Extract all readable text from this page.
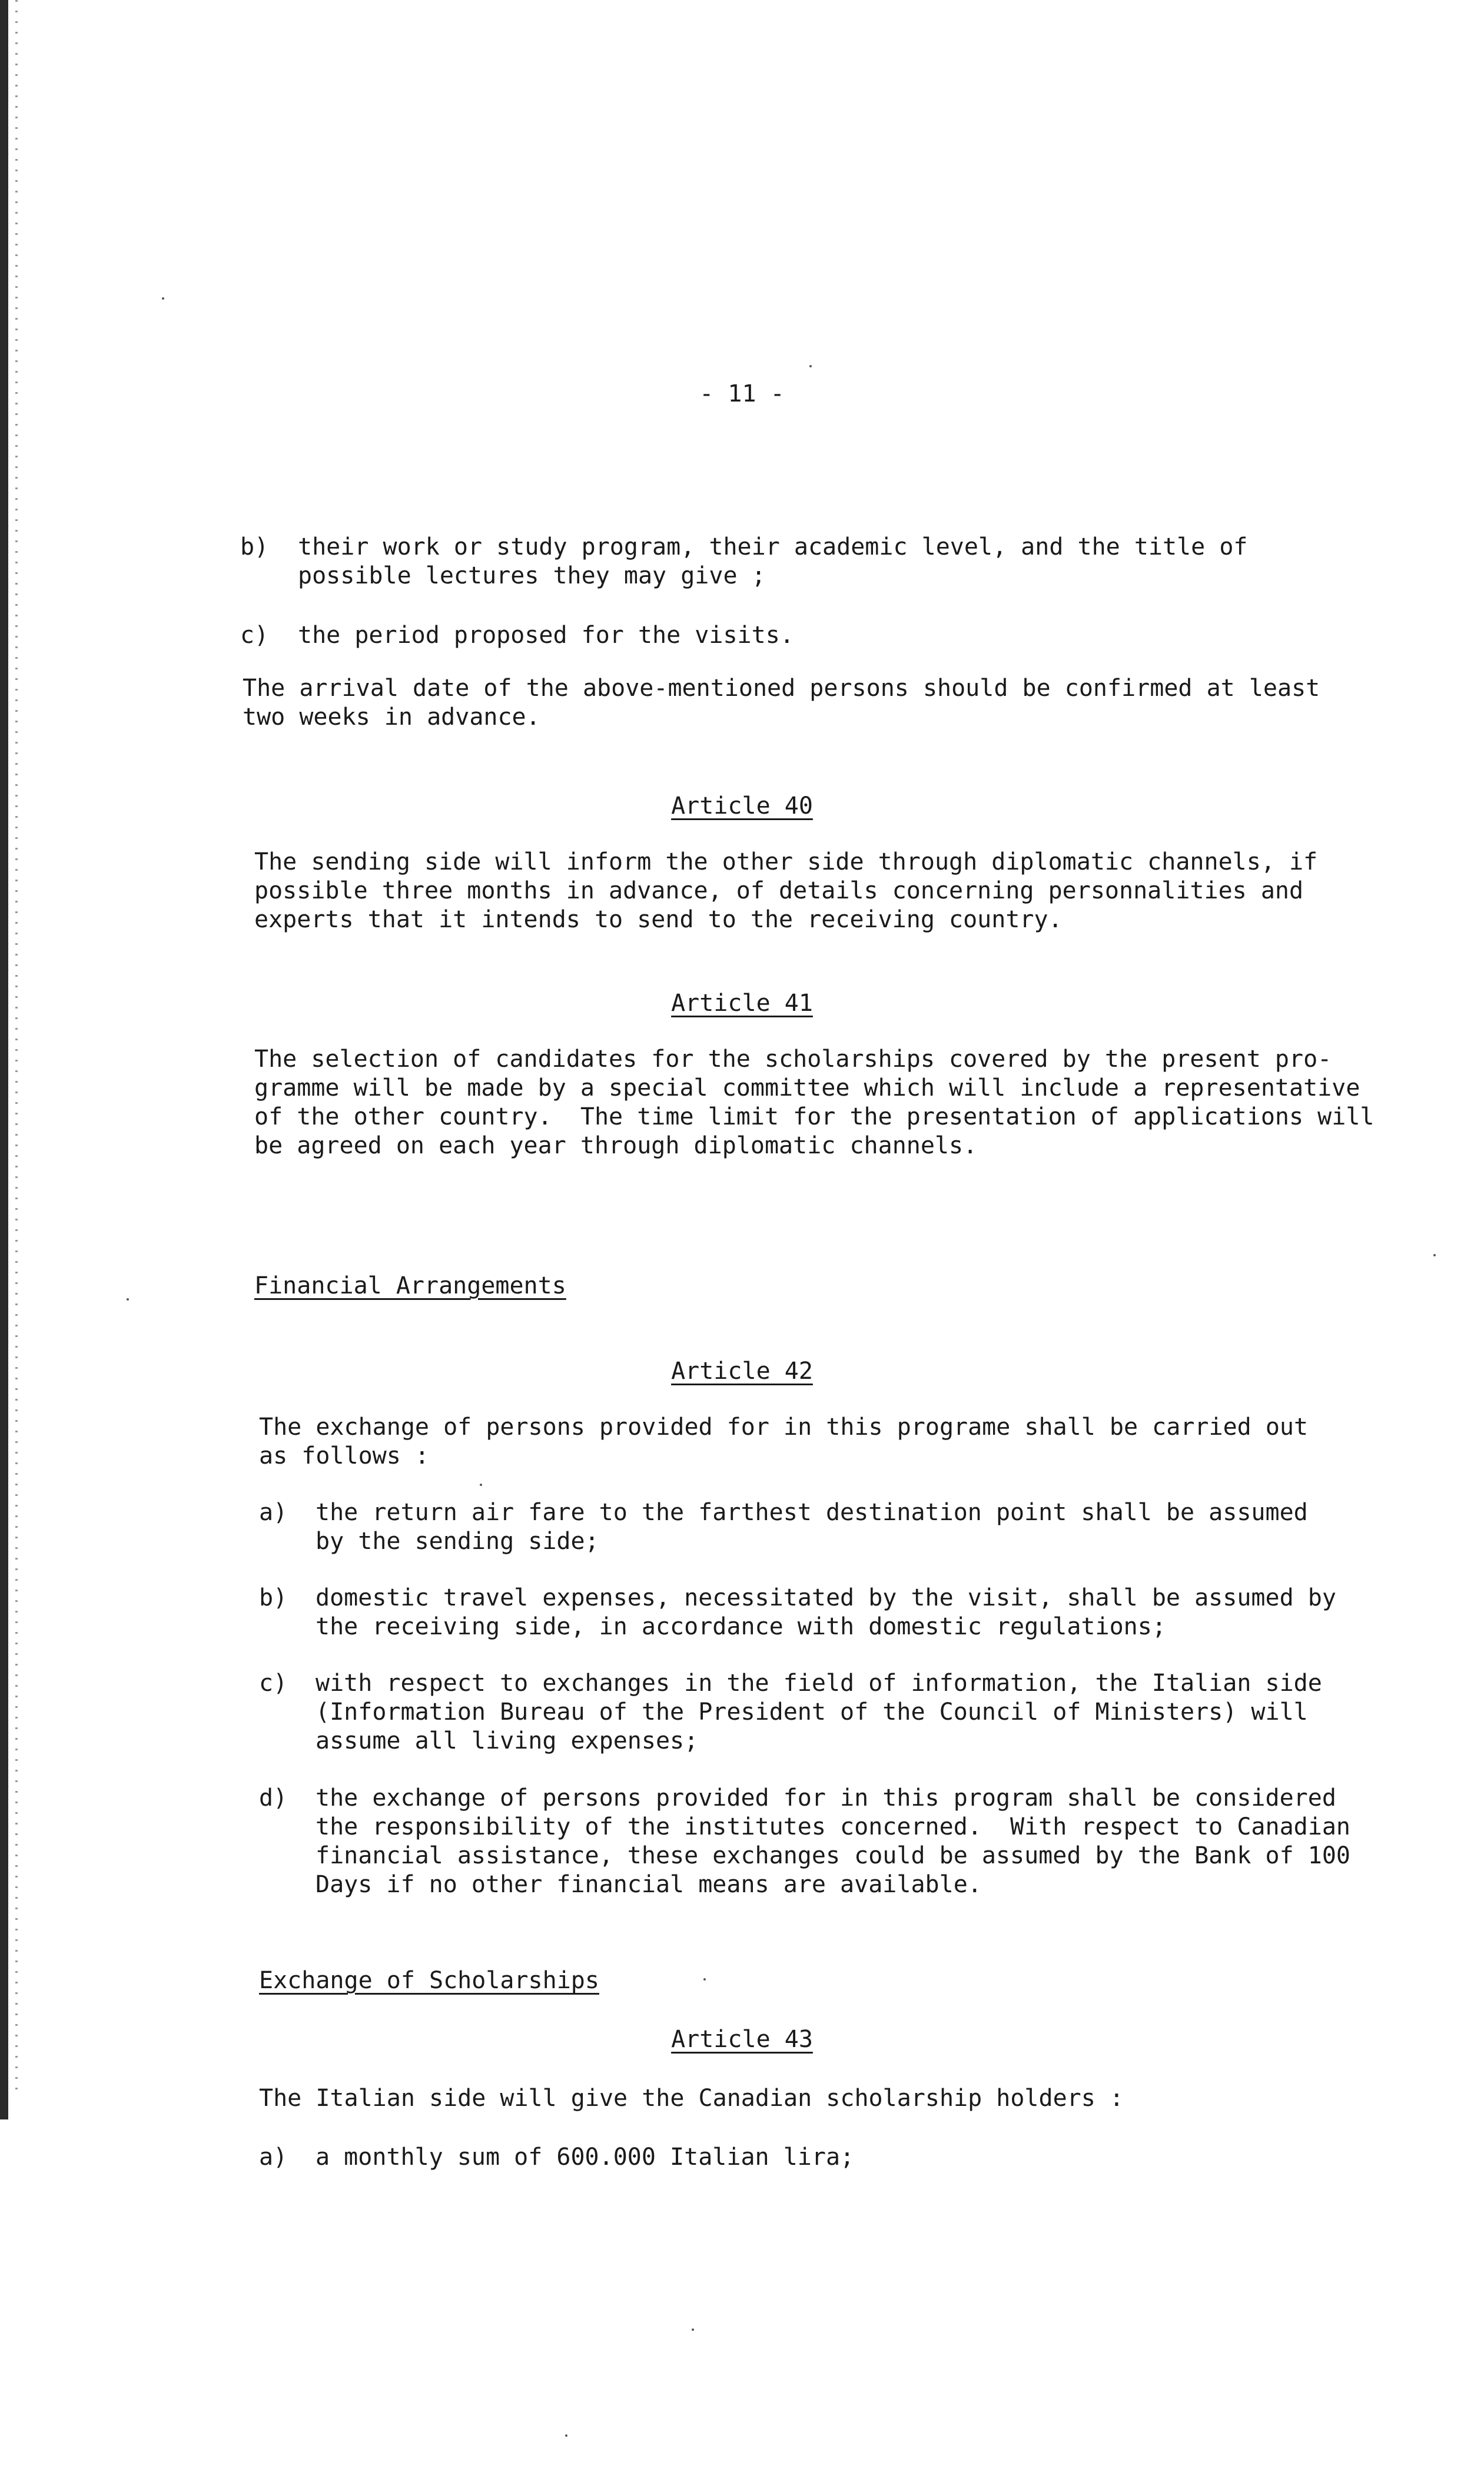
- 11 -

b)

their work or study program, their academic level, and the title of
possible lectures they may give ;

c)

the period proposed for the visits.

The arrival date of the above-mentioned persons should be confirmed at least
two weeks in advance.

Article 40

The sending side will inform the other side through diplomatic channels, if
possible three months in advance, of details concerning personnalities and
experts that it intends to send to the receiving country.

Article 41

The selection of candidates for the scholarships covered by the present pro-
gramme will be made by a special committee which will include a representative
of the other country.  The time limit for the presentation of applications will
be agreed on each year through diplomatic channels.

Financial Arrangements

Article 42

The exchange of persons provided for in this programe shall be carried out
as follows :

a)

the return air fare to the farthest destination point shall be assumed
by the sending side;

b)

domestic travel expenses, necessitated by the visit, shall be assumed by
the receiving side, in accordance with domestic regulations;

c)

with respect to exchanges in the field of information, the Italian side
(Information Bureau of the President of the Council of Ministers) will
assume all living expenses;

d)

the exchange of persons provided for in this program shall be considered
the responsibility of the institutes concerned.  With respect to Canadian
financial assistance, these exchanges could be assumed by the Bank of 100
Days if no other financial means are available.

Exchange of Scholarships

Article 43

The Italian side will give the Canadian scholarship holders :

a)

a monthly sum of 600.000 Italian lira;
